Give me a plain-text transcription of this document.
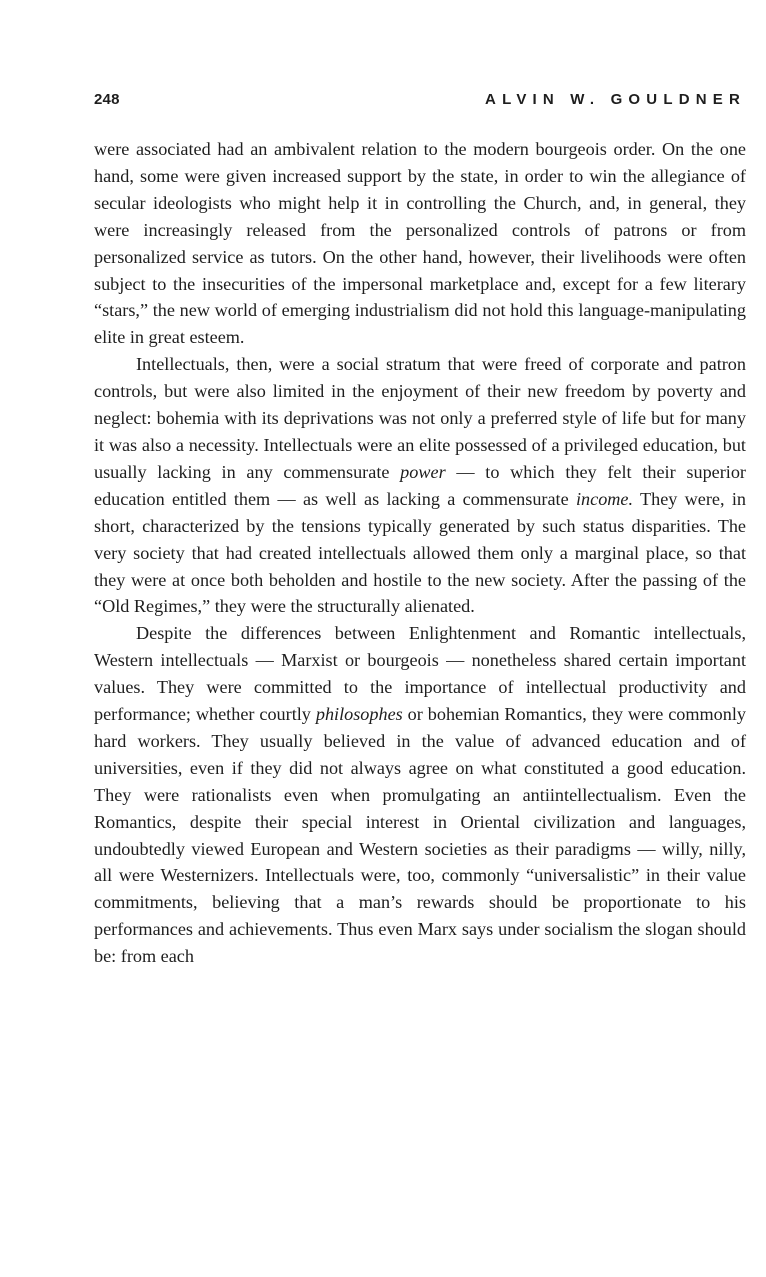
248	ALVIN W. GOULDNER

were associated had an ambivalent relation to the modern bourgeois order. On the one hand, some were given increased support by the state, in order to win the allegiance of secular ideologists who might help it in controlling the Church, and, in general, they were increasingly released from the personalized controls of patrons or from personalized service as tutors. On the other hand, however, their livelihoods were often subject to the insecurities of the impersonal marketplace and, except for a few literary “stars,” the new world of emerging industrialism did not hold this language-manipulating elite in great esteem.

Intellectuals, then, were a social stratum that were freed of corporate and patron controls, but were also limited in the enjoyment of their new freedom by poverty and neglect: bohemia with its deprivations was not only a preferred style of life but for many it was also a necessity. Intellectuals were an elite possessed of a privileged education, but usually lacking in any commensurate power — to which they felt their superior education entitled them — as well as lacking a commensurate income. They were, in short, characterized by the tensions typically generated by such status disparities. The very society that had created intellectuals allowed them only a marginal place, so that they were at once both beholden and hostile to the new society. After the passing of the “Old Regimes,” they were the structurally alienated.

Despite the differences between Enlightenment and Romantic intellectuals, Western intellectuals — Marxist or bourgeois — nonetheless shared certain important values. They were committed to the importance of intellectual productivity and performance; whether courtly philosophes or bohemian Romantics, they were commonly hard workers. They usually believed in the value of advanced education and of universities, even if they did not always agree on what constituted a good education. They were rationalists even when promulgating an antiintellectualism. Even the Romantics, despite their special interest in Oriental civilization and languages, undoubtedly viewed European and Western societies as their paradigms — willy, nilly, all were Westernizers. Intellectuals were, too, commonly “universalistic” in their value commitments, believing that a man’s rewards should be proportionate to his performances and achievements. Thus even Marx says under socialism the slogan should be: from each
